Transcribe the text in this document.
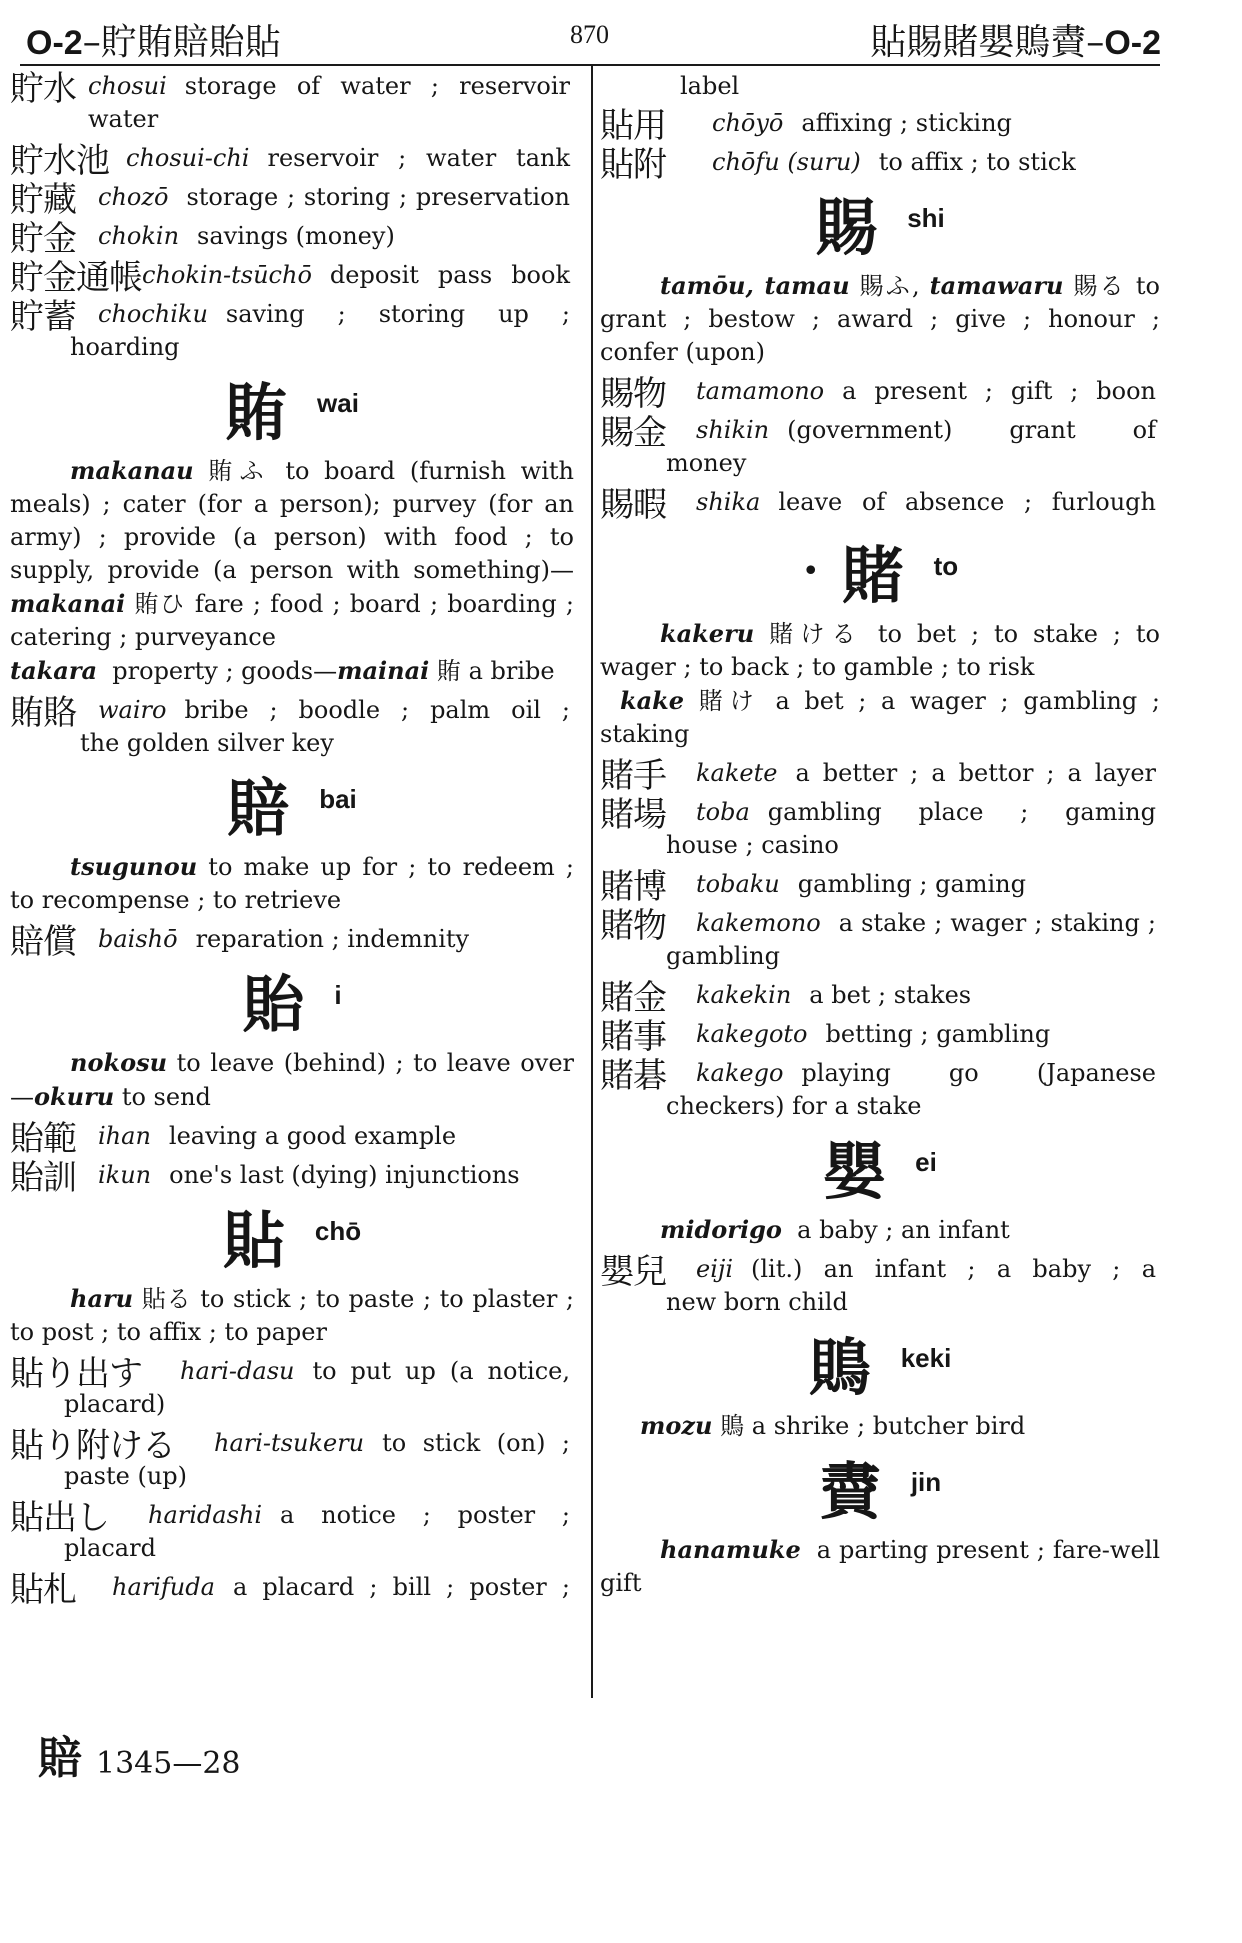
O-2–貯賄賠貽貼	870	貼賜賭嬰鵙賮–O-2
貯水 chosui storage of water ; reservoir
water
貯水池 chosui-chi reservoir ; water tank
貯藏 chozō storage ; storing ; preservation
貯金 chokin savings (money)
貯金通帳 chokin-tsūchō deposit pass book
貯蓄 chochiku saving ; storing up ;
hoarding
賄 wai
makanau 賄ふ to board (furnish with meals) ; cater (for a person); purvey (for an army) ; provide (a person) with food ; to supply, provide (a person with something)—makanai 賄ひ fare ; food ; board ; boarding ; catering ; purveyance
takara property ; goods—mainai 賄 a bribe
賄賂 wairo bribe ; boodle ; palm oil ;
the golden silver key
賠 bai
tsugunou to make up for ; to redeem ; to recompense ; to retrieve
賠償 baishō reparation ; indemnity
貽 i
nokosu to leave (behind) ; to leave over—okuru to send
貽範 ihan leaving a good example
貽訓 ikun one's last (dying) injunctions
貼 chō
haru 貼る to stick ; to paste ; to plaster ; to post ; to affix ; to paper
貼り出す	hari-dasu to put up (a notice,
placard)
貼り附ける	hari-tsukeru to stick (on) ;
paste (up)
貼出し	haridashi a notice ; poster ;
placard
貼札	harifuda a placard ; bill ; poster ;
label
貼用	chōyō affixing ; sticking
貼附	chōfu (suru) to affix ; to stick
賜 shi
tamōu, tamau 賜ふ, tamawaru 賜る to grant ; bestow ; award ; give ; honour ; confer (upon)
賜物	tamamono a present ; gift ; boon
賜金	shikin (government) grant of
money
賜暇	shika leave of absence ; furlough
• 賭 to
kakeru 賭ける to bet ; to stake ; to wager ; to back ; to gamble ; to risk
kake 賭け a bet ; a wager ; gambling ; staking
賭手	kakete a better ; a bettor ; a layer
賭場	toba gambling place ; gaming
house ; casino
賭博	tobaku gambling ; gaming
賭物	kakemono a stake ; wager ; staking ;
gambling
賭金	kakekin a bet ; stakes
賭事	kakegoto betting ; gambling
賭碁	kakego playing go (Japanese
checkers) for a stake
嬰 ei
midorigo a baby ; an infant
嬰兒	eiji (lit.) an infant ; a baby ; a
new born child
鵙 keki
mozu 鵙 a shrike ; butcher bird
賮 jin
hanamuke a parting present ; fare-well gift
賠 1345—28
